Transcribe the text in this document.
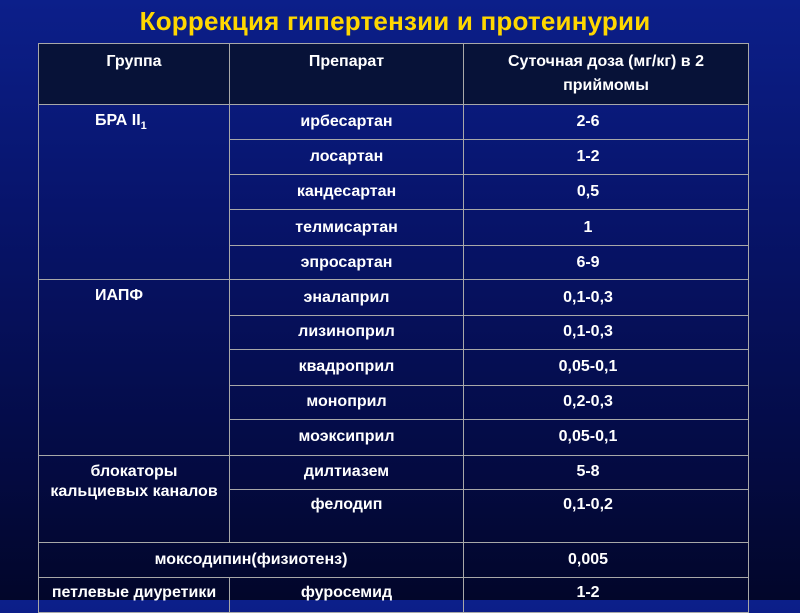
Коррекция гипертензии и протеинурии
Группа	Препарат	Суточная доза (мг/кг) в 2 приймомы
БРА $II_1$	ирбесартан	2-6
	лосартан	1-2
	кандесартан	0,5
	телмисартан	1
	эпросартан	6-9
ИАПФ	эналаприл	0,1-0,3
	лизиноприл	0,1-0,3
	квадроприл	0,05-0,1
	моноприл	0,2-0,3
	моэксиприл	0,05-0,1
блокаторы кальциевых каналов	дилтиазем	5-8
	фелодип	0,1-0,2
моксодипин(физиотенз)		0,005
петлевые диуретики	фуросемид	1-2
